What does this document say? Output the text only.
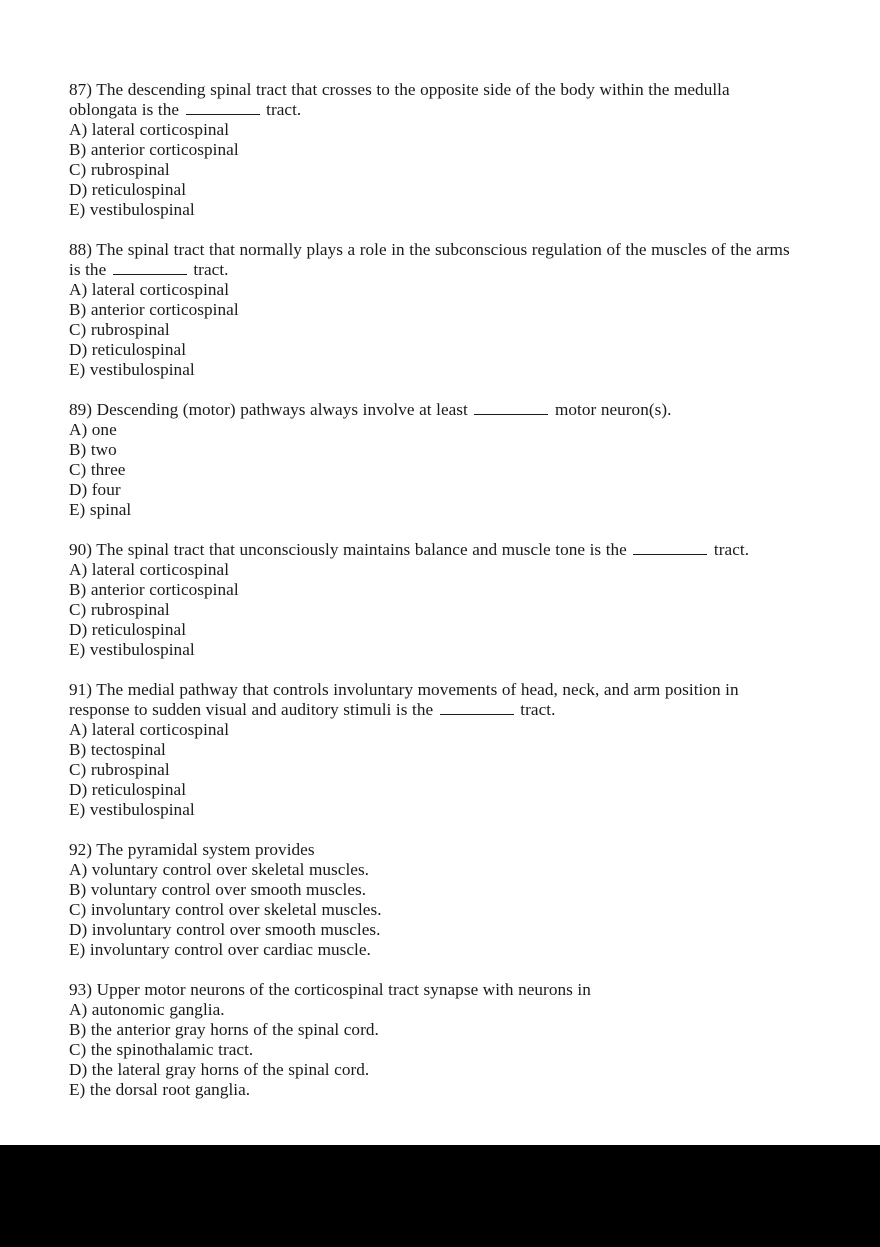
87) The descending spinal tract that crosses to the opposite side of the body within the medulla oblongata is the	tract.

A) lateral corticospinal
B) anterior corticospinal
C) rubrospinal
D) reticulospinal
E) vestibulospinal

88) The spinal tract that normally plays a role in the subconscious regulation of the muscles of the arms is the	tract.

A) lateral corticospinal
B) anterior corticospinal
C) rubrospinal
D) reticulospinal
E) vestibulospinal

89) Descending (motor) pathways always involve at least	motor neuron(s).

A) one
B) two
C) three
D) four
E) spinal

90) The spinal tract that unconsciously maintains balance and muscle tone is the	tract.

A) lateral corticospinal
B) anterior corticospinal
C) rubrospinal
D) reticulospinal
E) vestibulospinal

91) The medial pathway that controls involuntary movements of head, neck, and arm position in response to sudden visual and auditory stimuli is the	tract.

A) lateral corticospinal
B) tectospinal
C) rubrospinal
D) reticulospinal
E) vestibulospinal

92) The pyramidal system provides

A) voluntary control over skeletal muscles.
B) voluntary control over smooth muscles.
C) involuntary control over skeletal muscles.
D) involuntary control over smooth muscles.
E) involuntary control over cardiac muscle.

93) Upper motor neurons of the corticospinal tract synapse with neurons in

A) autonomic ganglia.
B) the anterior gray horns of the spinal cord.
C) the spinothalamic tract.
D) the lateral gray horns of the spinal cord.
E) the dorsal root ganglia.
